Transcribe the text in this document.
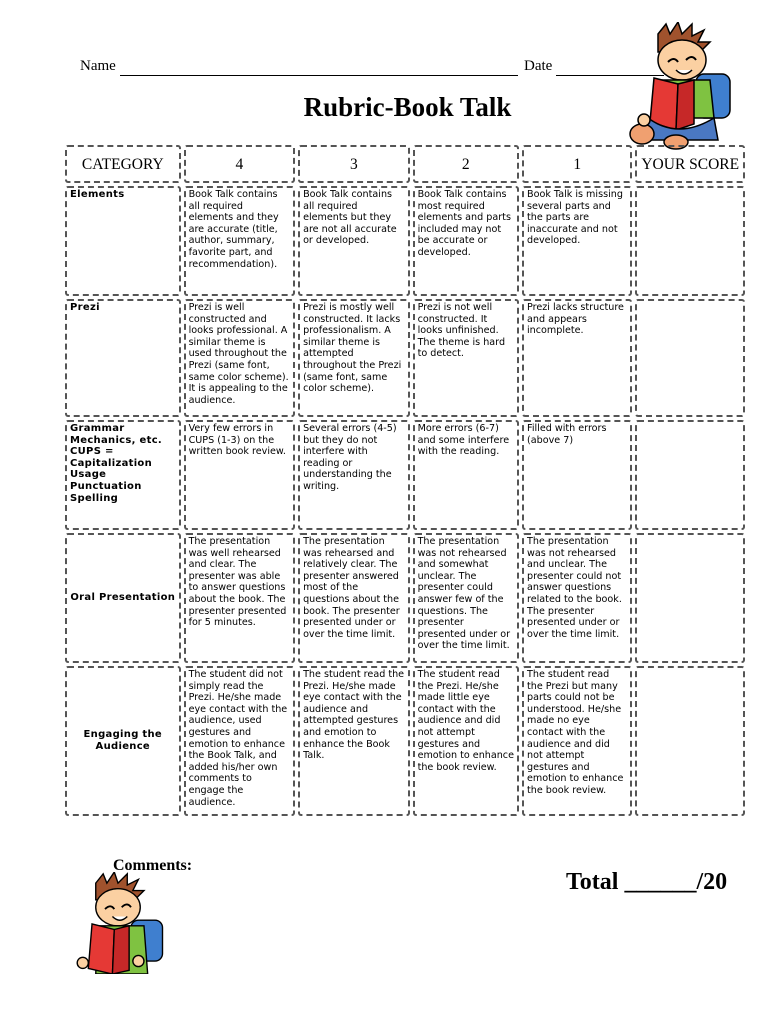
Name	Date
Rubric-Book Talk
CATEGORY	4	3	2	1	YOUR SCORE
Elements	Book Talk contains all required elements and they are accurate (title, author, summary, favorite part, and recommendation).	Book Talk contains all required elements but they are not all accurate or developed.	Book Talk contains most required elements and parts included may not be accurate or developed.	Book Talk is missing several parts and the parts are inaccurate and not developed.	
Prezi	Prezi is well constructed and looks professional. A similar theme is used throughout the Prezi (same font, same color scheme). It is appealing to the audience.	Prezi is mostly well constructed. It lacks professionalism. A similar theme is attempted throughout the Prezi (same font, same color scheme).	Prezi is not well constructed. It looks unfinished. The theme is hard to detect.	Prezi lacks structure and appears incomplete.	
Grammar Mechanics, etc. CUPS = Capitalization Usage Punctuation Spelling	Very few errors in CUPS (1-3) on the written book review.	Several errors (4-5) but they do not interfere with reading or understanding the writing.	More errors (6-7) and some interfere with the reading.	Filled with errors (above 7)	
Oral Presentation	The presentation was well rehearsed and clear. The presenter was able to answer questions about the book. The presenter presented for 5 minutes.	The presentation was rehearsed and relatively clear. The presenter answered most of the questions about the book. The presenter presented under or over the time limit.	The presentation was not rehearsed and somewhat unclear. The presenter could answer few of the questions. The presenter presented under or over the time limit.	The presentation was not rehearsed and unclear. The presenter could not answer questions related to the book. The presenter presented under or over the time limit.	
Engaging the Audience	The student did not simply read the Prezi. He/she made eye contact with the audience, used gestures and emotion to enhance the Book Talk, and added his/her own comments to engage the audience.	The student read the Prezi. He/she made eye contact with the audience and attempted gestures and emotion to enhance the Book Talk.	The student read the Prezi. He/she made little eye contact with the audience and did not attempt gestures and emotion to enhance the book review.	The student read the Prezi but many parts could not be understood. He/she made no eye contact with the audience and did not attempt gestures and emotion to enhance the book review.	
Comments:
Total ______/20
